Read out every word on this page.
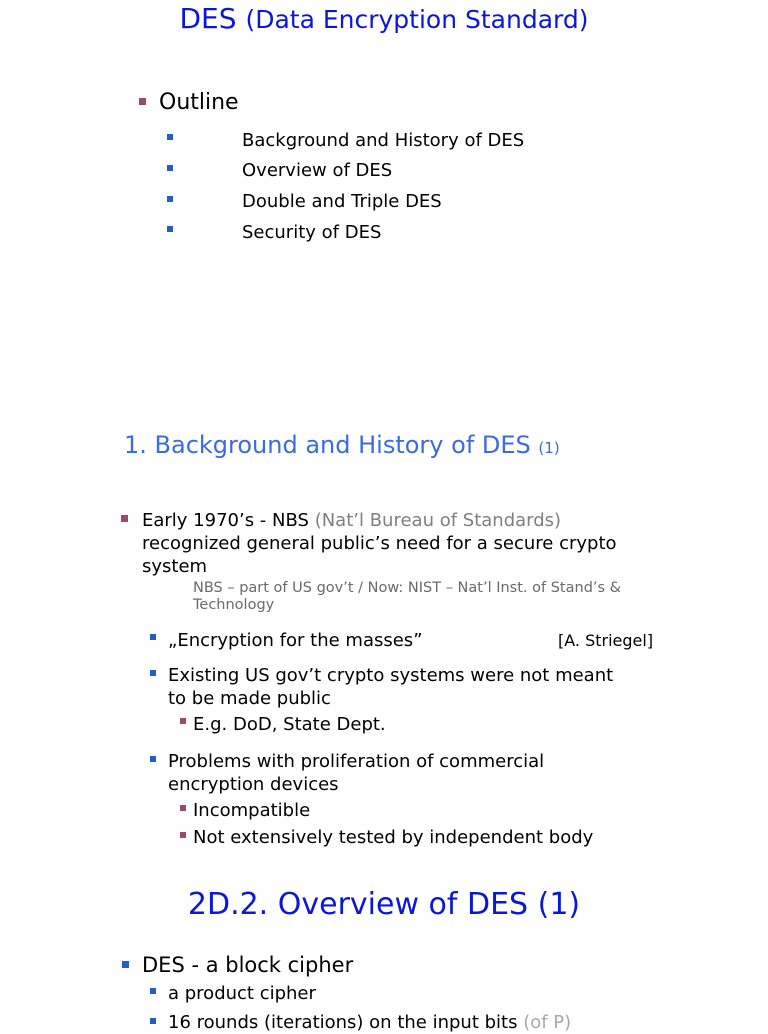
DES (Data Encryption Standard)
Outline
Background and History of DES
Overview of DES
Double and Triple DES
Security of DES
1. Background and History of DES (1)
Early 1970’s - NBS (Nat’l Bureau of Standards)
recognized general public’s need for a secure crypto
system
NBS – part of US gov’t / Now: NIST – Nat’l Inst. of Stand’s &
Technology
„Encryption for the masses”	[A. Striegel]
Existing US gov’t crypto systems were not meant
to be made public
E.g. DoD, State Dept.
Problems with proliferation of commercial
encryption devices
Incompatible
Not extensively tested by independent body
2D.2. Overview of DES (1)
DES - a block cipher
a product cipher
16 rounds (iterations) on the input bits (of P)
